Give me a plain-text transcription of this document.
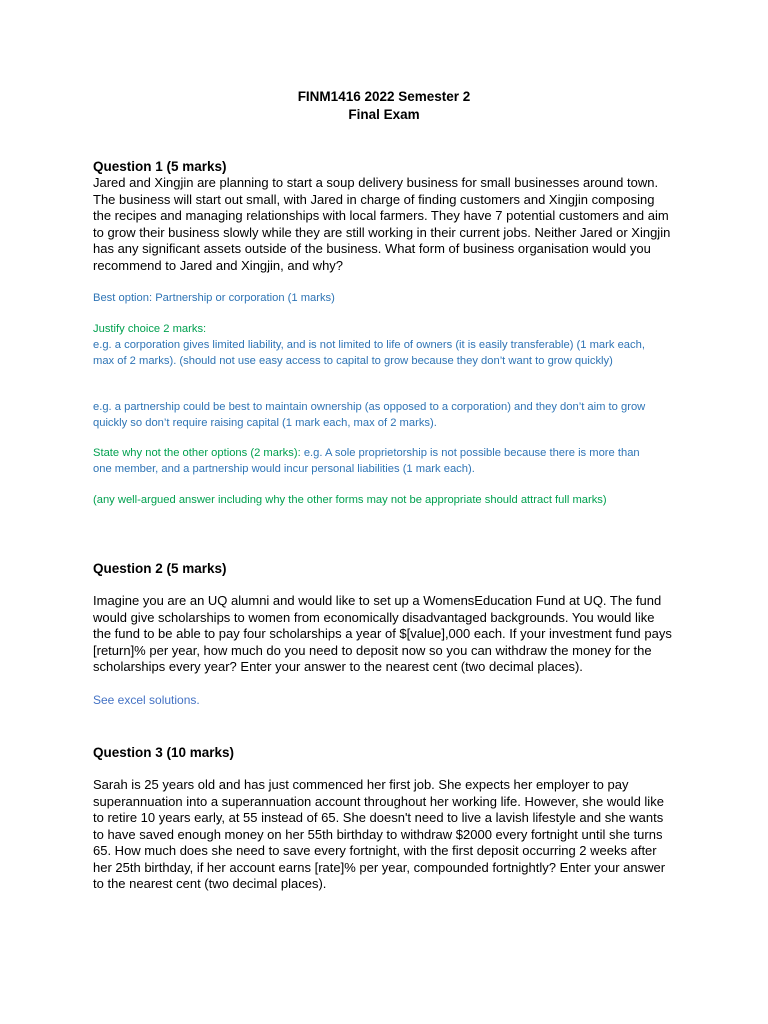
FINM1416 2022 Semester 2
Final Exam
Question 1 (5 marks)
Jared and Xingjin are planning to start a soup delivery business for small businesses around town. The business will start out small, with Jared in charge of finding customers and Xingjin composing the recipes and managing relationships with local farmers. They have 7 potential customers and aim to grow their business slowly while they are still working in their current jobs. Neither Jared or Xingjin has any significant assets outside of the business. What form of business organisation would you recommend to Jared and Xingjin, and why?
Best option: Partnership or corporation (1 marks)
Justify choice 2 marks:
e.g. a corporation gives limited liability, and is not limited to life of owners (it is easily transferable) (1 mark each, max of 2 marks). (should not use easy access to capital to grow because they don’t want to grow quickly)
e.g. a partnership could be best to maintain ownership (as opposed to a corporation) and they don’t aim to grow quickly so don’t require raising capital (1 mark each, max of 2 marks).
State why not the other options (2 marks): e.g. A sole proprietorship is not possible because there is more than one member, and a partnership would incur personal liabilities (1 mark each).
(any well-argued answer including why the other forms may not be appropriate should attract full marks)
Question 2 (5 marks)
Imagine you are an UQ alumni and would like to set up a WomensEducation Fund at UQ. The fund would give scholarships to women from economically disadvantaged backgrounds. You would like the fund to be able to pay four scholarships a year of $[value],000 each. If your investment fund pays [return]% per year, how much do you need to deposit now so you can withdraw the money for the scholarships every year? Enter your answer to the nearest cent (two decimal places).
See excel solutions.
Question 3 (10 marks)
Sarah is 25 years old and has just commenced her first job. She expects her employer to pay superannuation into a superannuation account throughout her working life. However, she would like to retire 10 years early, at 55 instead of 65. She doesn't need to live a lavish lifestyle and she wants to have saved enough money on her 55th birthday to withdraw $2000 every fortnight until she turns 65. How much does she need to save every fortnight, with the first deposit occurring 2 weeks after her 25th birthday, if her account earns [rate]% per year, compounded fortnightly? Enter your answer to the nearest cent (two decimal places).
